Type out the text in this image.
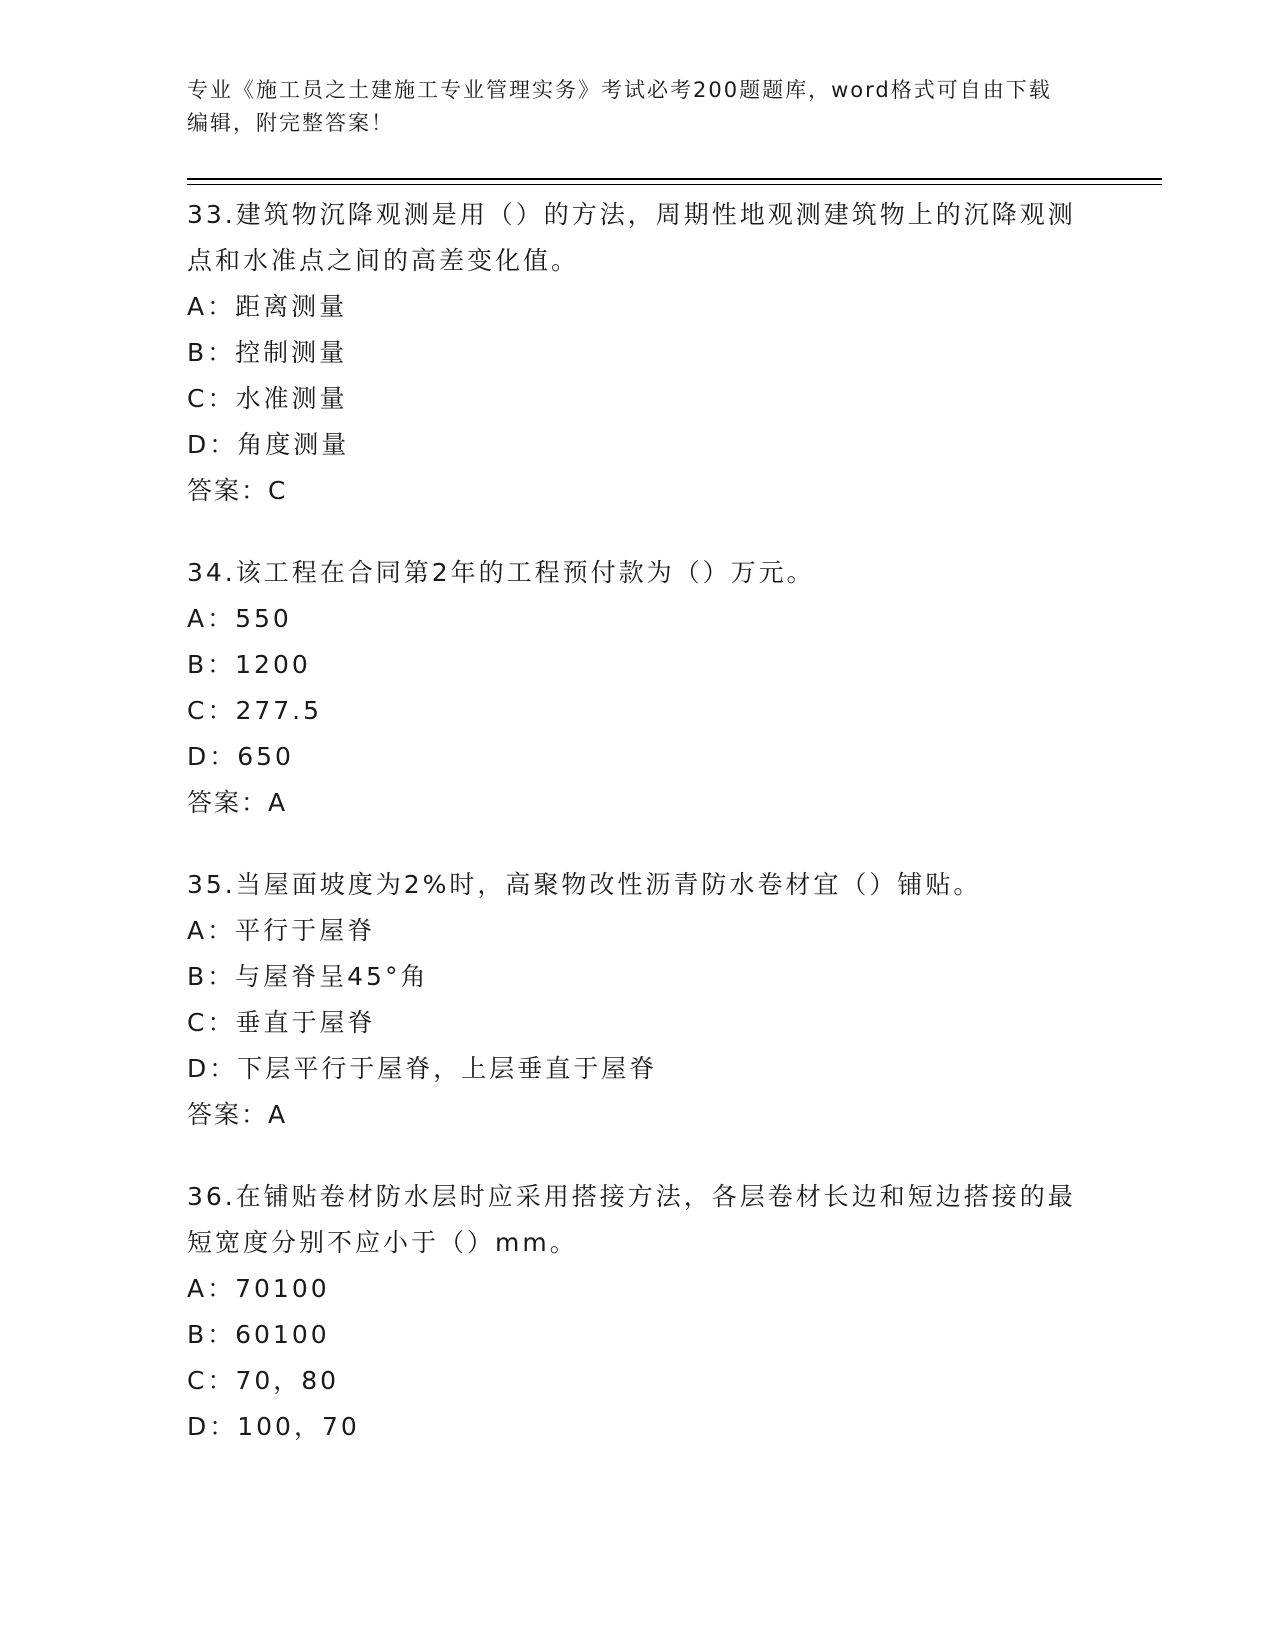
专业《施工员之土建施工专业管理实务》考试必考200题题库，word格式可自由下载编辑，附完整答案！

33.建筑物沉降观测是用（）的方法，周期性地观测建筑物上的沉降观测点和水准点之间的高差变化值。

A：距离测量

B：控制测量

C：水准测量

D：角度测量

答案：C

34.该工程在合同第2年的工程预付款为（）万元。

A：550

B：1200

C：277.5

D：650

答案：A

35.当屋面坡度为2%时，高聚物改性沥青防水卷材宜（）铺贴。

A：平行于屋脊

B：与屋脊呈45°角

C：垂直于屋脊

D：下层平行于屋脊，上层垂直于屋脊

答案：A

36.在铺贴卷材防水层时应采用搭接方法，各层卷材长边和短边搭接的最短宽度分别不应小于（）mm。

A：70100

B：60100

C：70，80

D：100，70
